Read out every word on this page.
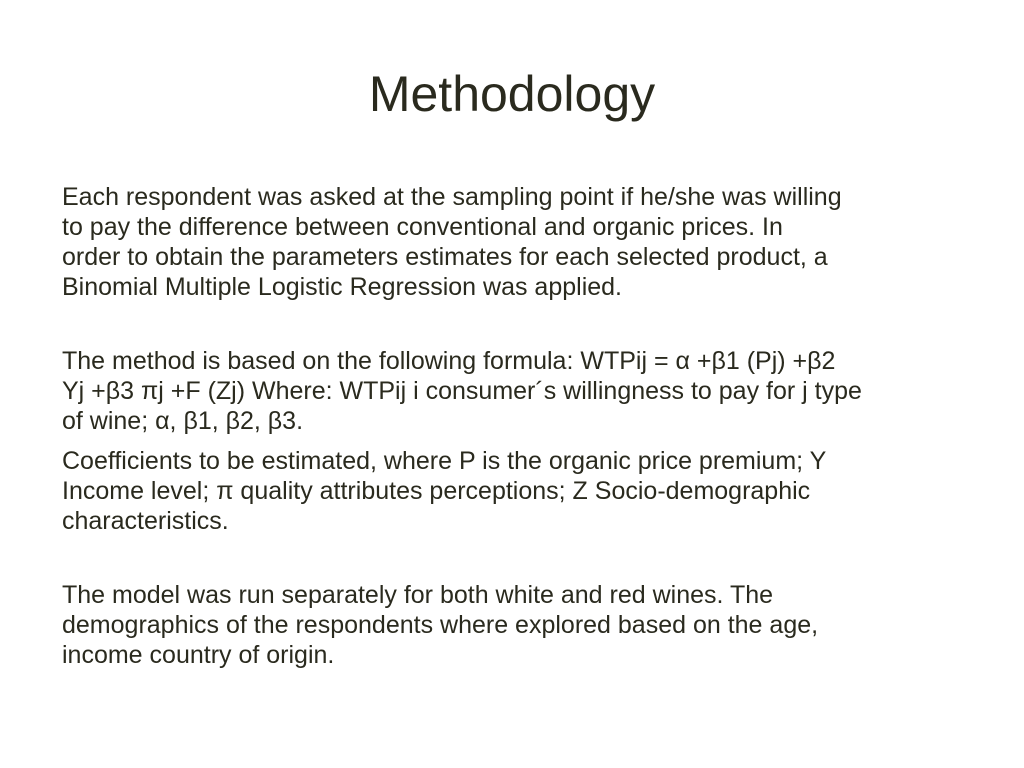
Methodology

Each respondent was asked at the sampling point if he/she was willing
to pay the difference between conventional and organic prices. In
order to obtain the parameters estimates for each selected product, a
Binomial Multiple Logistic Regression was applied.

The method is based on the following formula: WTPij = α +β1 (Pj) +β2
Yj +β3 πj +F (Zj) Where: WTPij i consumer´s willingness to pay for j type
of wine; α, β1, β2, β3.

Coefficients to be estimated, where P is the organic price premium; Y
Income level; π quality attributes perceptions; Z Socio-demographic
characteristics.

The model was run separately for both white and red wines. The
demographics of the respondents where explored based on the age,
income country of origin.
